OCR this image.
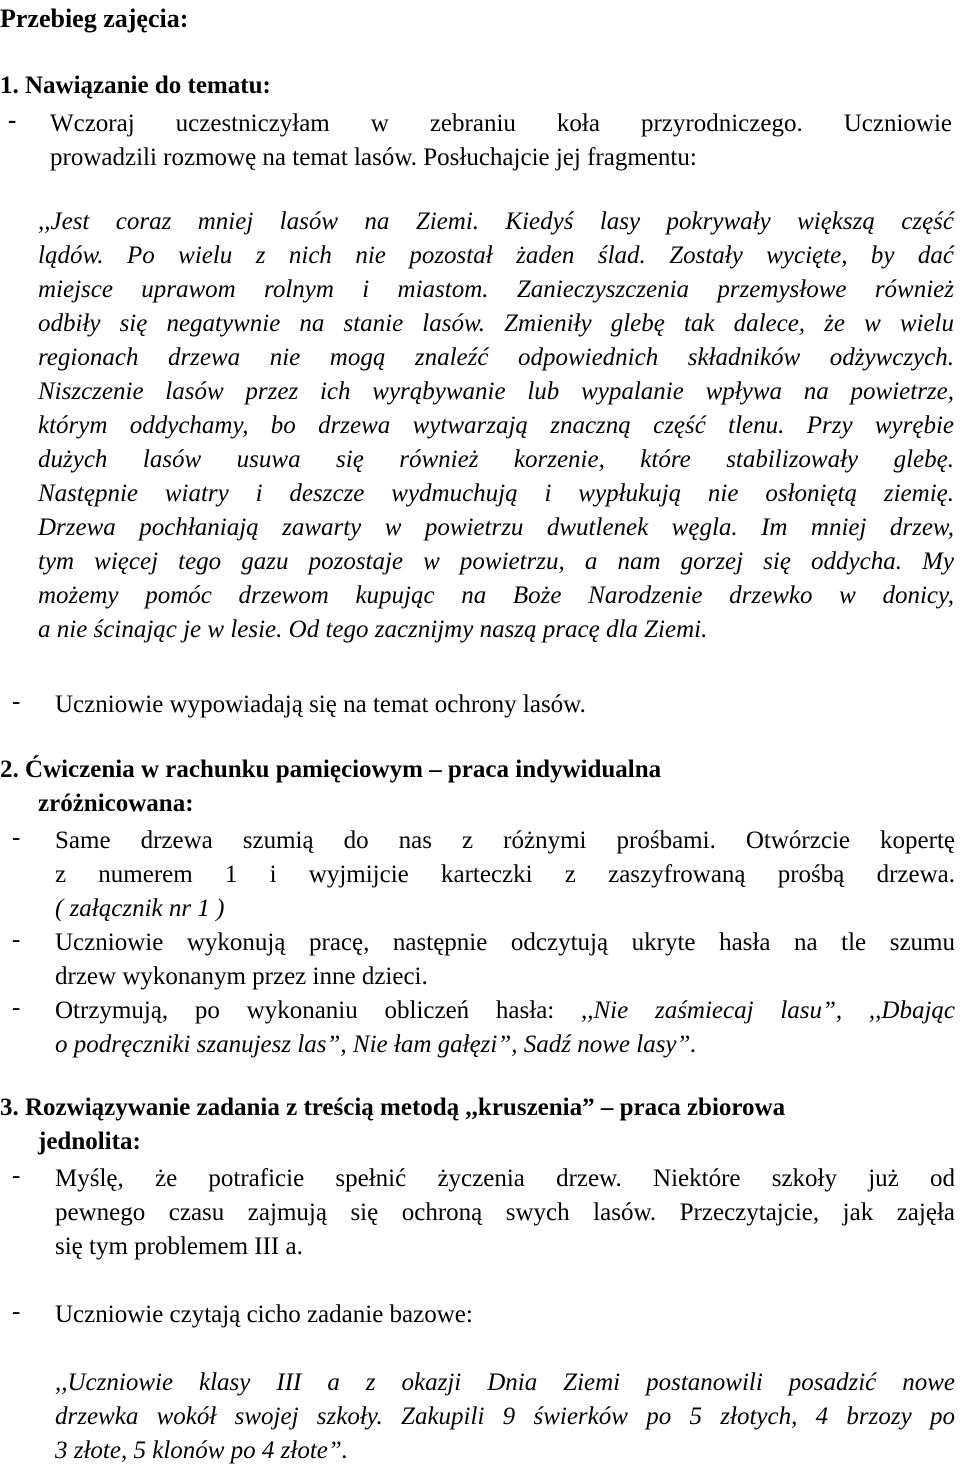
Przebieg zajęcia:
1. Nawiązanie do tematu:
- Wczoraj uczestniczyłam w zebraniu koła przyrodniczego. Uczniowie
prowadzili rozmowę na temat lasów. Posłuchajcie jej fragmentu:
,,Jest coraz mniej lasów na Ziemi. Kiedyś lasy pokrywały większą część
lądów. Po wielu z nich nie pozostał żaden ślad. Zostały wycięte, by dać
miejsce uprawom rolnym i miastom. Zanieczyszczenia przemysłowe również
odbiły się negatywnie na stanie lasów. Zmieniły glebę tak dalece, że w wielu
regionach drzewa nie mogą znaleźć odpowiednich składników odżywczych.
Niszczenie lasów przez ich wyrąbywanie lub wypalanie wpływa na powietrze,
którym oddychamy, bo drzewa wytwarzają znaczną część tlenu. Przy wyrębie
dużych lasów usuwa się również korzenie, które stabilizowały glebę.
Następnie wiatry i deszcze wydmuchują i wypłukują nie osłoniętą ziemię.
Drzewa pochłaniają zawarty w powietrzu dwutlenek węgla. Im mniej drzew,
tym więcej tego gazu pozostaje w powietrzu, a nam gorzej się oddycha. My
możemy pomóc drzewom kupując na Boże Narodzenie drzewko w donicy,
a nie ścinając je w lesie. Od tego zacznijmy naszą pracę dla Ziemi.
- Uczniowie wypowiadają się na temat ochrony lasów.
2. Ćwiczenia w rachunku pamięciowym – praca indywidualna
zróżnicowana:
- Same drzewa szumią do nas z różnymi prośbami. Otwórzcie kopertę
z numerem 1 i wyjmijcie karteczki z zaszyfrowaną prośbą drzewa.
( załącznik nr 1 )
- Uczniowie wykonują pracę, następnie odczytują ukryte hasła na tle szumu
drzew wykonanym przez inne dzieci.
- Otrzymują, po wykonaniu obliczeń hasła: ,,Nie zaśmiecaj lasu”, ,,Dbając
o podręczniki szanujesz las”, Nie łam gałęzi”, Sadź nowe lasy”.
3. Rozwiązywanie zadania z treścią metodą ,,kruszenia” – praca zbiorowa
jednolita:
- Myślę, że potraficie spełnić życzenia drzew. Niektóre szkoły już od
pewnego czasu zajmują się ochroną swych lasów. Przeczytajcie, jak zajęła
się tym problemem III a.
- Uczniowie czytają cicho zadanie bazowe:
,,Uczniowie klasy III a z okazji Dnia Ziemi postanowili posadzić nowe
drzewka wokół swojej szkoły. Zakupili 9 świerków po 5 złotych, 4 brzozy po
3 złote, 5 klonów po 4 złote”.
